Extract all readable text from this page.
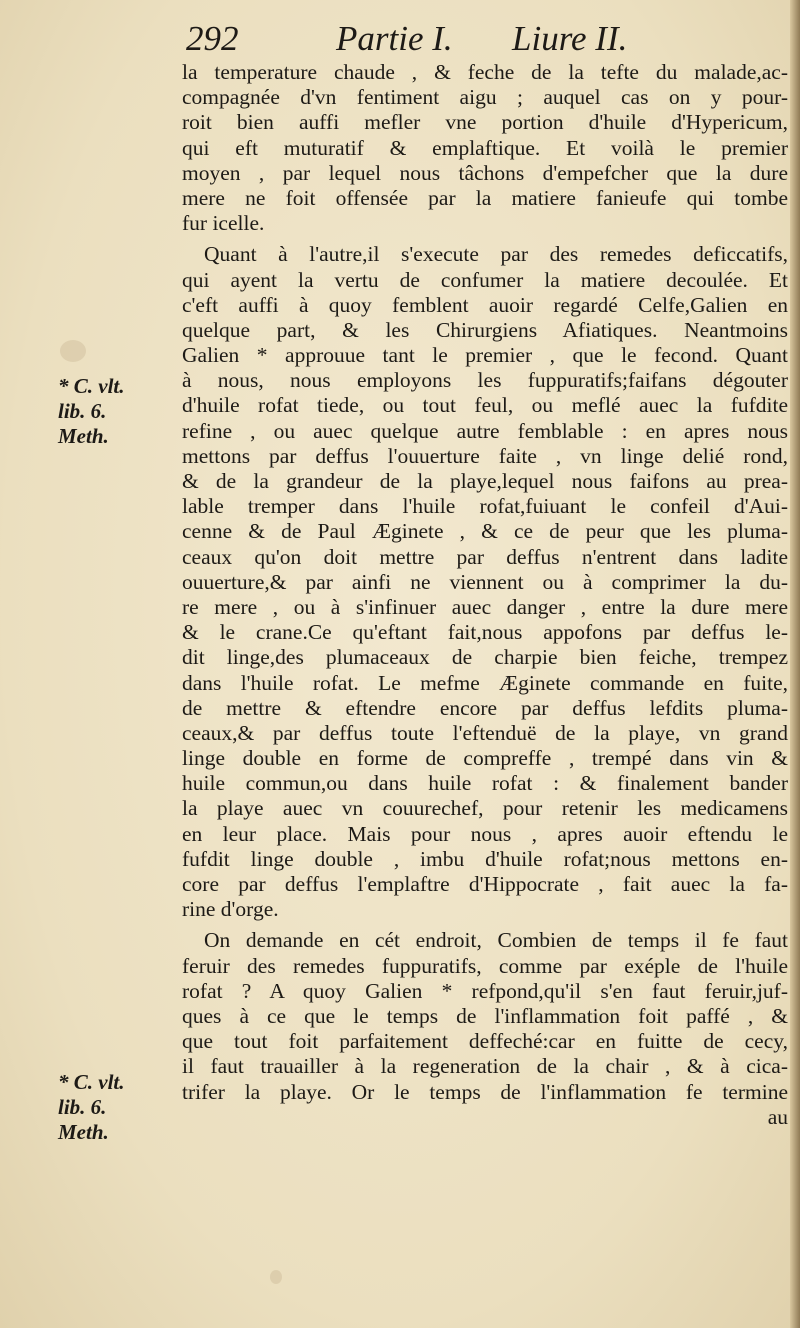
292	Partie I. Liure II.
* C. vlt.
lib. 6.
Meth.
* C. vlt.
lib. 6.
Meth.
la temperature chaude , & feche de la tefte du malade,ac-
compagnée d'vn fentiment aigu ; auquel cas on y pour-
roit bien auffi mefler vne portion d'huile d'Hypericum,
qui eft muturatif & emplaftique. Et voilà le premier
moyen , par lequel nous tâchons d'empefcher que la dure
mere ne foit offensée par la matiere fanieufe qui tombe
fur icelle.
Quant à l'autre,il s'execute par des remedes deficcatifs,
qui ayent la vertu de confumer la matiere decoulée. Et
c'eft auffi à quoy femblent auoir regardé Celfe,Galien en
quelque part, & les Chirurgiens Afiatiques. Neantmoins
Galien * approuue tant le premier , que le fecond. Quant
à nous, nous employons les fuppuratifs;faifans dégouter
d'huile rofat tiede, ou tout feul, ou meflé auec la fufdite
refine , ou auec quelque autre femblable : en apres nous
mettons par deffus l'ouuerture faite , vn linge delié rond,
& de la grandeur de la playe,lequel nous faifons au prea-
lable tremper dans l'huile rofat,fuiuant le confeil d'Aui-
cenne & de Paul Æginete , & ce de peur que les pluma-
ceaux qu'on doit mettre par deffus n'entrent dans ladite
ouuerture,& par ainfi ne viennent ou à comprimer la du-
re mere , ou à s'infinuer auec danger , entre la dure mere
& le crane.Ce qu'eftant fait,nous appofons par deffus le-
dit linge,des plumaceaux de charpie bien feiche, trempez
dans l'huile rofat. Le mefme Æginete commande en fuite,
de mettre & eftendre encore par deffus lefdits pluma-
ceaux,& par deffus toute l'eftenduë de la playe, vn grand
linge double en forme de compreffe , trempé dans vin &
huile commun,ou dans huile rofat : & finalement bander
la playe auec vn couurechef, pour retenir les medicamens
en leur place. Mais pour nous , apres auoir eftendu le
fufdit linge double , imbu d'huile rofat;nous mettons en-
core par deffus l'emplaftre d'Hippocrate , fait auec la fa-
rine d'orge.
On demande en cét endroit, Combien de temps il fe faut
feruir des remedes fuppuratifs, comme par exéple de l'huile
rofat ? A quoy Galien * refpond,qu'il s'en faut feruir,juf-
ques à ce que le temps de l'inflammation foit paffé , &
que tout foit parfaitement deffeché:car en fuitte de cecy,
il faut trauailler à la regeneration de la chair , & à cica-
trifer la playe. Or le temps de l'inflammation fe termine
au
